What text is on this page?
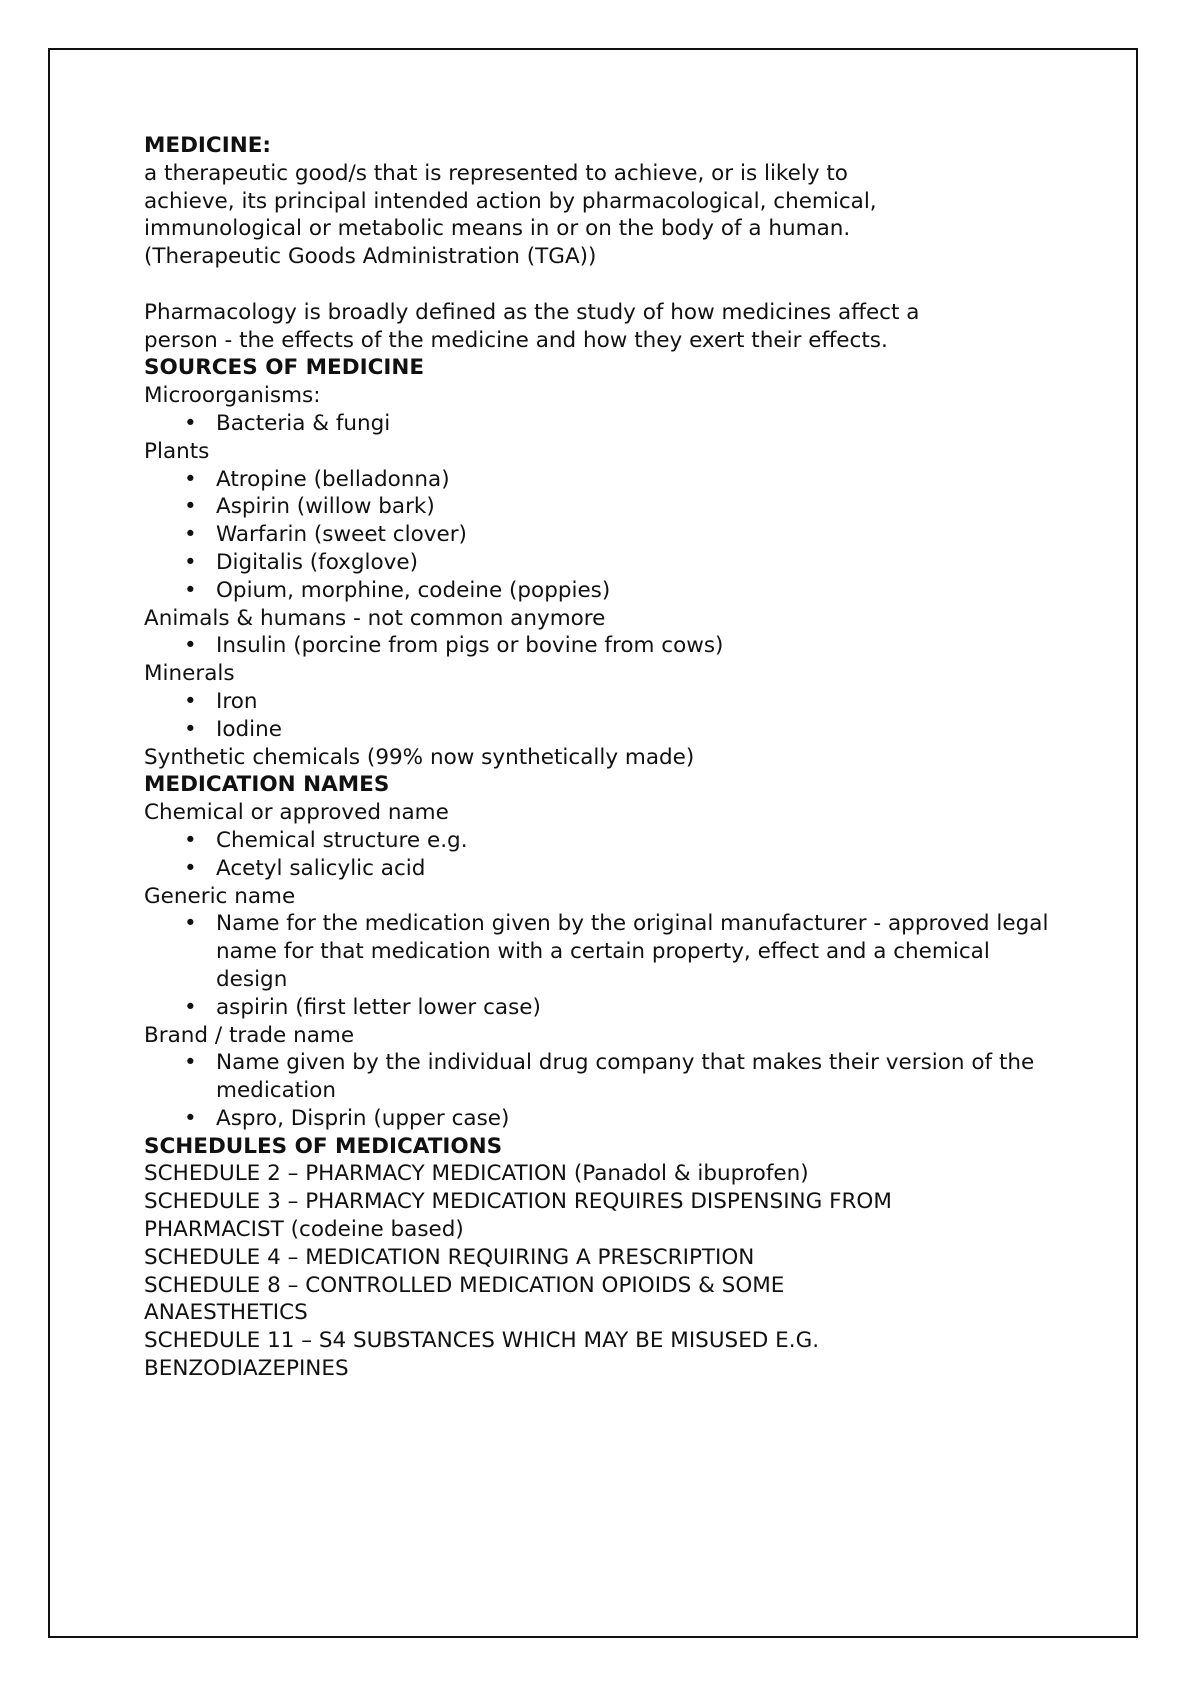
MEDICINE:
a therapeutic good/s that is represented to achieve, or is likely to
achieve, its principal intended action by pharmacological, chemical,
immunological or metabolic means in or on the body of a human.
(Therapeutic Goods Administration (TGA))
Pharmacology is broadly defined as the study of how medicines affect a
person - the effects of the medicine and how they exert their effects.
SOURCES OF MEDICINE
Microorganisms:
• Bacteria & fungi
Plants
• Atropine (belladonna)
• Aspirin (willow bark)
• Warfarin (sweet clover)
• Digitalis (foxglove)
• Opium, morphine, codeine (poppies)
Animals & humans - not common anymore
• Insulin (porcine from pigs or bovine from cows)
Minerals
• Iron
• Iodine
Synthetic chemicals (99% now synthetically made)
MEDICATION NAMES
Chemical or approved name
• Chemical structure e.g.
• Acetyl salicylic acid
Generic name
• Name for the medication given by the original manufacturer - approved legal name for that medication with a certain property, effect and a chemical design
• aspirin (first letter lower case)
Brand / trade name
• Name given by the individual drug company that makes their version of the medication
• Aspro, Disprin (upper case)
SCHEDULES OF MEDICATIONS
SCHEDULE 2 – PHARMACY MEDICATION (Panadol & ibuprofen)
SCHEDULE 3 – PHARMACY MEDICATION REQUIRES DISPENSING FROM
PHARMACIST (codeine based)
SCHEDULE 4 – MEDICATION REQUIRING A PRESCRIPTION
SCHEDULE 8 – CONTROLLED MEDICATION OPIOIDS & SOME
ANAESTHETICS
SCHEDULE 11 – S4 SUBSTANCES WHICH MAY BE MISUSED E.G.
BENZODIAZEPINES
